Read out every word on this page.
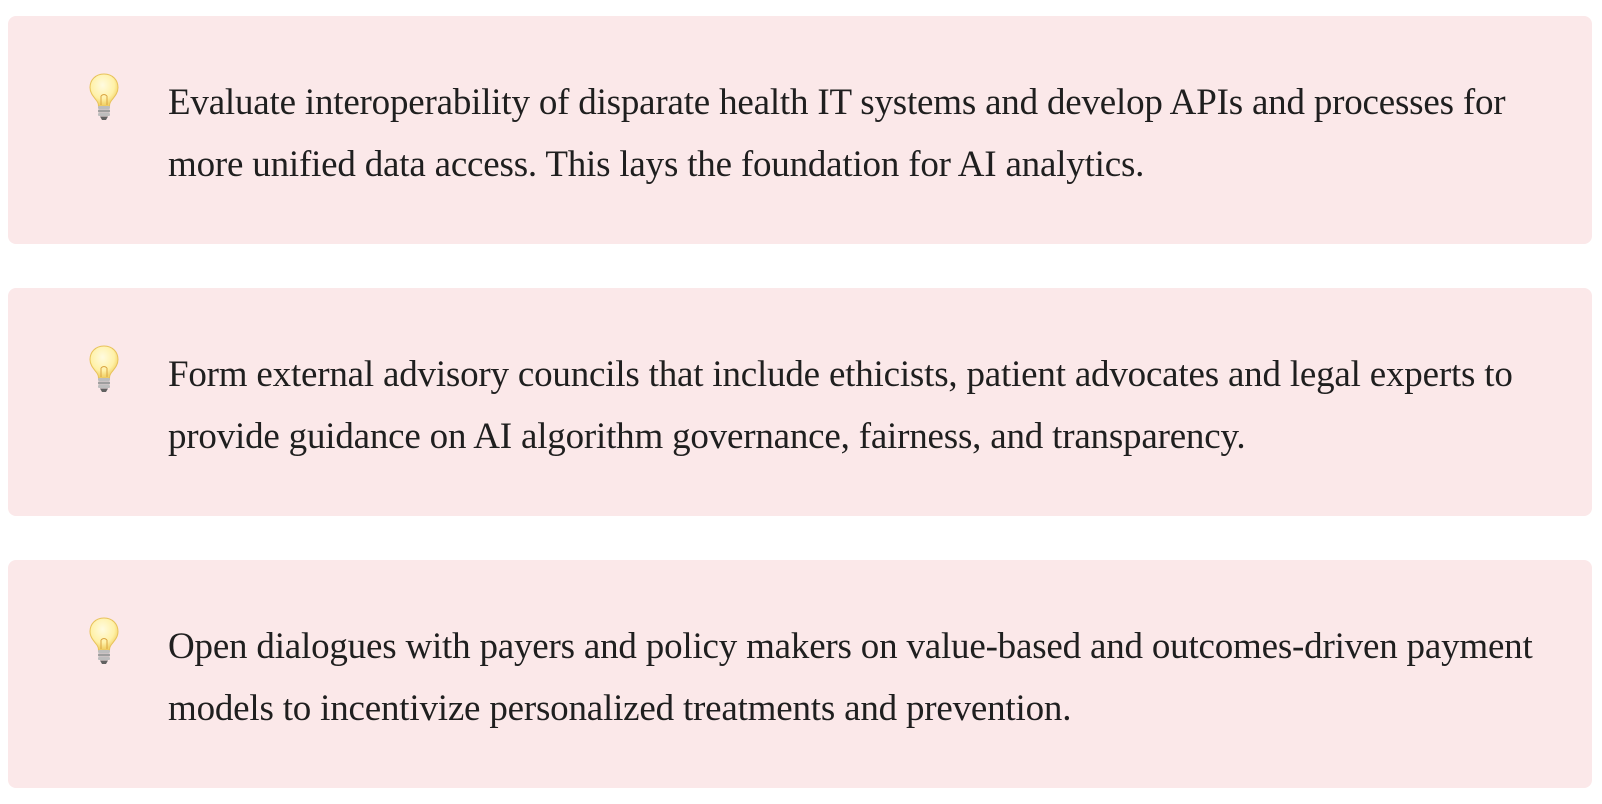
Evaluate interoperability of disparate health IT systems and develop APIs and processes for more unified data access. This lays the foundation for AI analytics.

Form external advisory councils that include ethicists, patient advocates and legal experts to provide guidance on AI algorithm governance, fairness, and transparency.

Open dialogues with payers and policy makers on value-based and outcomes-driven payment models to incentivize personalized treatments and prevention.
